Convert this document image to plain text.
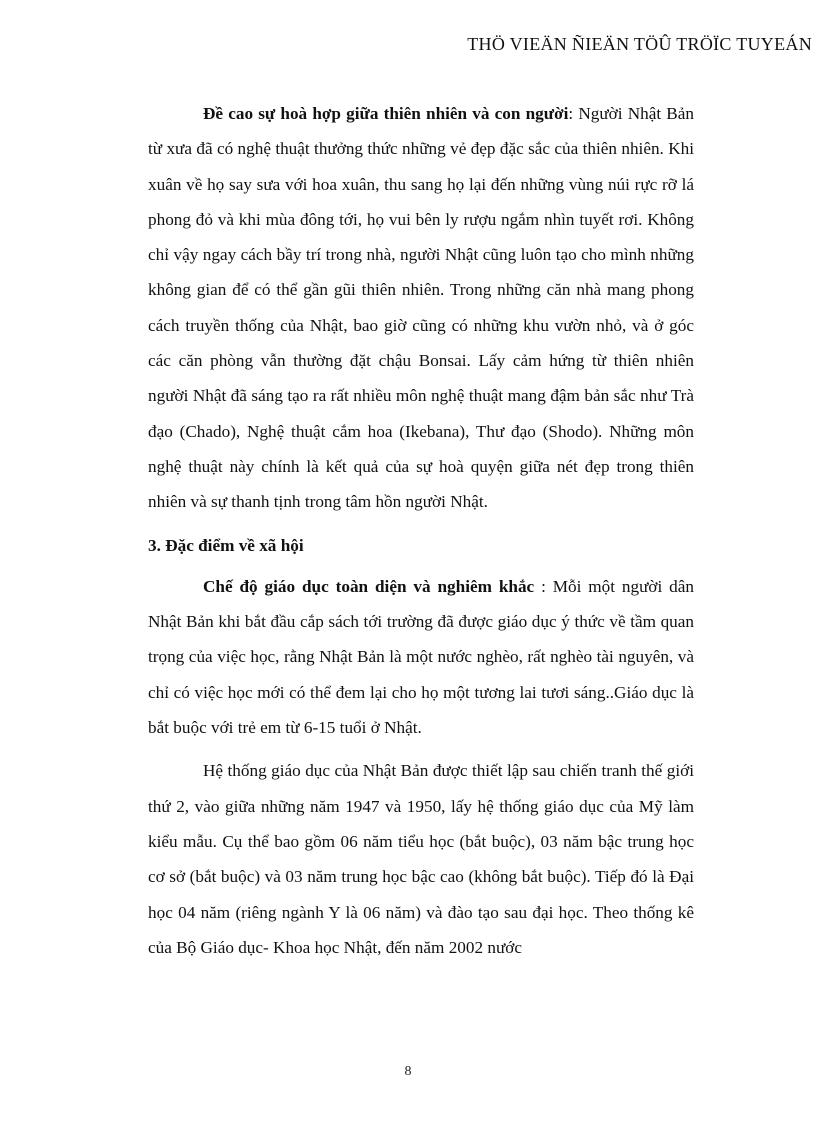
THÖ VIEÄN ÑIEÄN TÖÛ TRÖÏC TUYEÁN

Đề cao sự hoà hợp giữa thiên nhiên và con người: Người Nhật Bản từ xưa đã có nghệ thuật thưởng thức những vẻ đẹp đặc sắc của thiên nhiên. Khi xuân về họ say sưa với hoa xuân, thu sang họ lại đến những vùng núi rực rỡ lá phong đỏ và khi mùa đông tới, họ vui bên ly rượu ngắm nhìn tuyết rơi. Không chỉ vậy ngay cách bầy trí trong nhà, người Nhật cũng luôn tạo cho mình những không gian để có thể gần gũi thiên nhiên. Trong những căn nhà mang phong cách truyền thống của Nhật, bao giờ cũng có những khu vườn nhỏ, và ở góc các căn phòng vẫn thường đặt chậu Bonsai. Lấy cảm hứng từ thiên nhiên người Nhật đã sáng tạo ra rất nhiều môn nghệ thuật mang đậm bản sắc như Trà đạo (Chado), Nghệ thuật cắm hoa (Ikebana), Thư đạo (Shodo). Những môn nghệ thuật này chính là kết quả của sự hoà quyện giữa nét đẹp trong thiên nhiên và sự thanh tịnh trong tâm hồn người Nhật.

3. Đặc điểm về xã hội

Chế độ giáo dục toàn diện và nghiêm khắc : Mỗi một người dân Nhật Bản khi bắt đầu cắp sách tới trường đã được giáo dục ý thức về tầm quan trọng của việc học, rằng Nhật Bản là một nước nghèo, rất nghèo tài nguyên, và chỉ có việc học mới có thể đem lại cho họ một tương lai tươi sáng..Giáo dục là bắt buộc với trẻ em từ 6-15 tuổi ở Nhật.

Hệ thống giáo dục của Nhật Bản được thiết lập sau chiến tranh thế giới thứ 2, vào giữa những năm 1947 và 1950, lấy hệ thống giáo dục của Mỹ làm kiểu mẫu. Cụ thể bao gồm 06 năm tiểu học (bắt buộc), 03 năm bậc trung học cơ sở (bắt buộc) và 03 năm trung học bậc cao (không bắt buộc). Tiếp đó là Đại học 04 năm (riêng ngành Y là 06 năm) và đào tạo sau đại học. Theo thống kê của Bộ Giáo dục- Khoa học Nhật, đến năm 2002 nước

8
